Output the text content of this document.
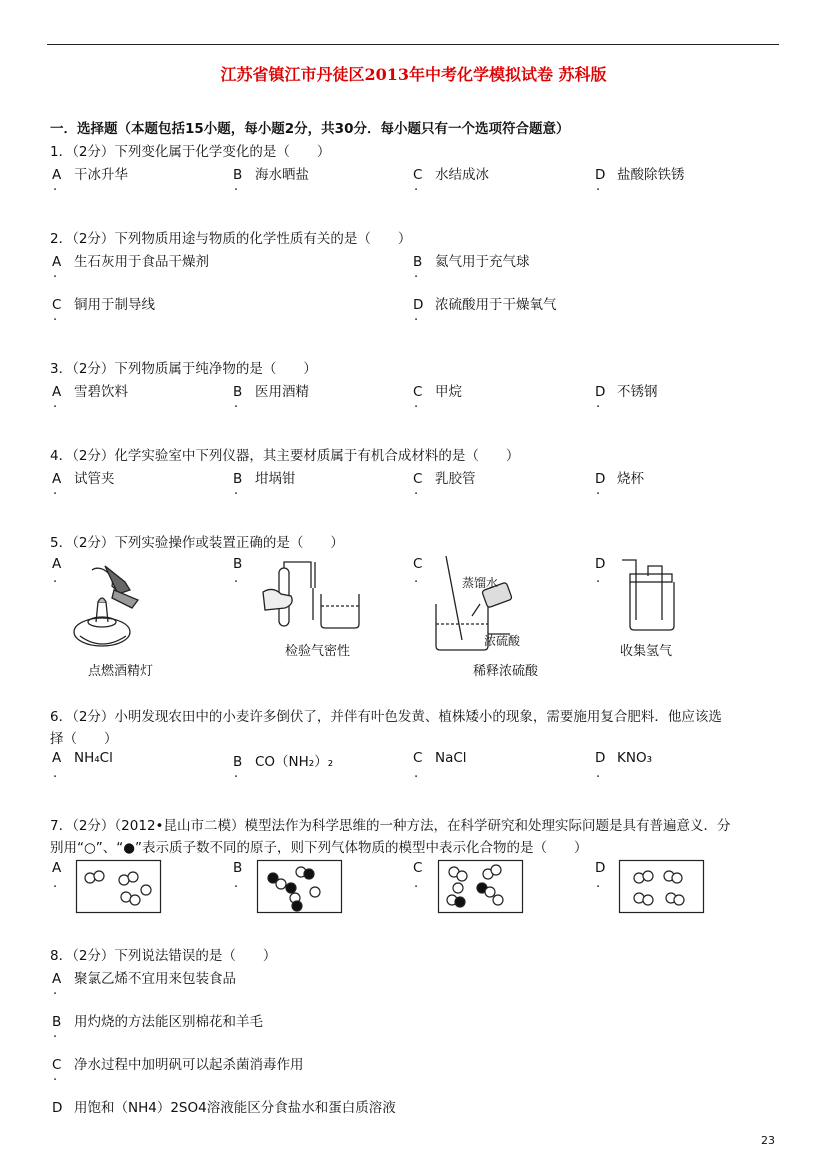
江苏省镇江市丹徒区2013年中考化学模拟试卷 苏科版
一．选择题（本题包括15小题，每小题2分，共30分．每小题只有一个选项符合题意）
1．（2分）下列变化属于化学变化的是（　　）
A 干冰升华	B 海水晒盐	C 水结成冰	D 盐酸除铁锈
2．（2分）下列物质用途与物质的化学性质有关的是（　　）
A 生石灰用于食品干燥剂	B 氦气用于充气球
C 铜用于制导线	D 浓硫酸用于干燥氧气
3．（2分）下列物质属于纯净物的是（　　）
A 雪碧饮料	B 医用酒精	C 甲烷	D 不锈钢
4．（2分）化学实验室中下列仪器，其主要材质属于有机合成材料的是（　　）
A 试管夹	B 坩埚钳	C 乳胶管	D 烧杯
5．（2分）下列实验操作或装置正确的是（　　）
A	B	C	D
蒸馏水
浓硫酸
点燃酒精灯
检验气密性
稀释浓硫酸
收集氢气
6．（2分）小明发现农田中的小麦许多倒伏了，并伴有叶色发黄、植株矮小的现象，需要施用复合肥料．他应该选
择（　　）
A NH₄Cl	B CO（NH₂）₂	C NaCl	D KNO₃
7．（2分）（2012•昆山市二模）模型法作为科学思维的一种方法，在科学研究和处理实际问题是具有普遍意义．分
别用“○”、“●”表示质子数不同的原子，则下列气体物质的模型中表示化合物的是（　　）
A	B	C	D
8．（2分）下列说法错误的是（　　）
A 聚氯乙烯不宜用来包装食品
B 用灼烧的方法能区别棉花和羊毛
C 净水过程中加明矾可以起杀菌消毒作用
D 用饱和（NH4）2SO4溶液能区分食盐水和蛋白质溶液
·	·	·	·
·	·
·	·
·	·	·	·
·	·	·	·
·	·	·	·
·	·	·	·
·	·	·	·
·
·
·
23
